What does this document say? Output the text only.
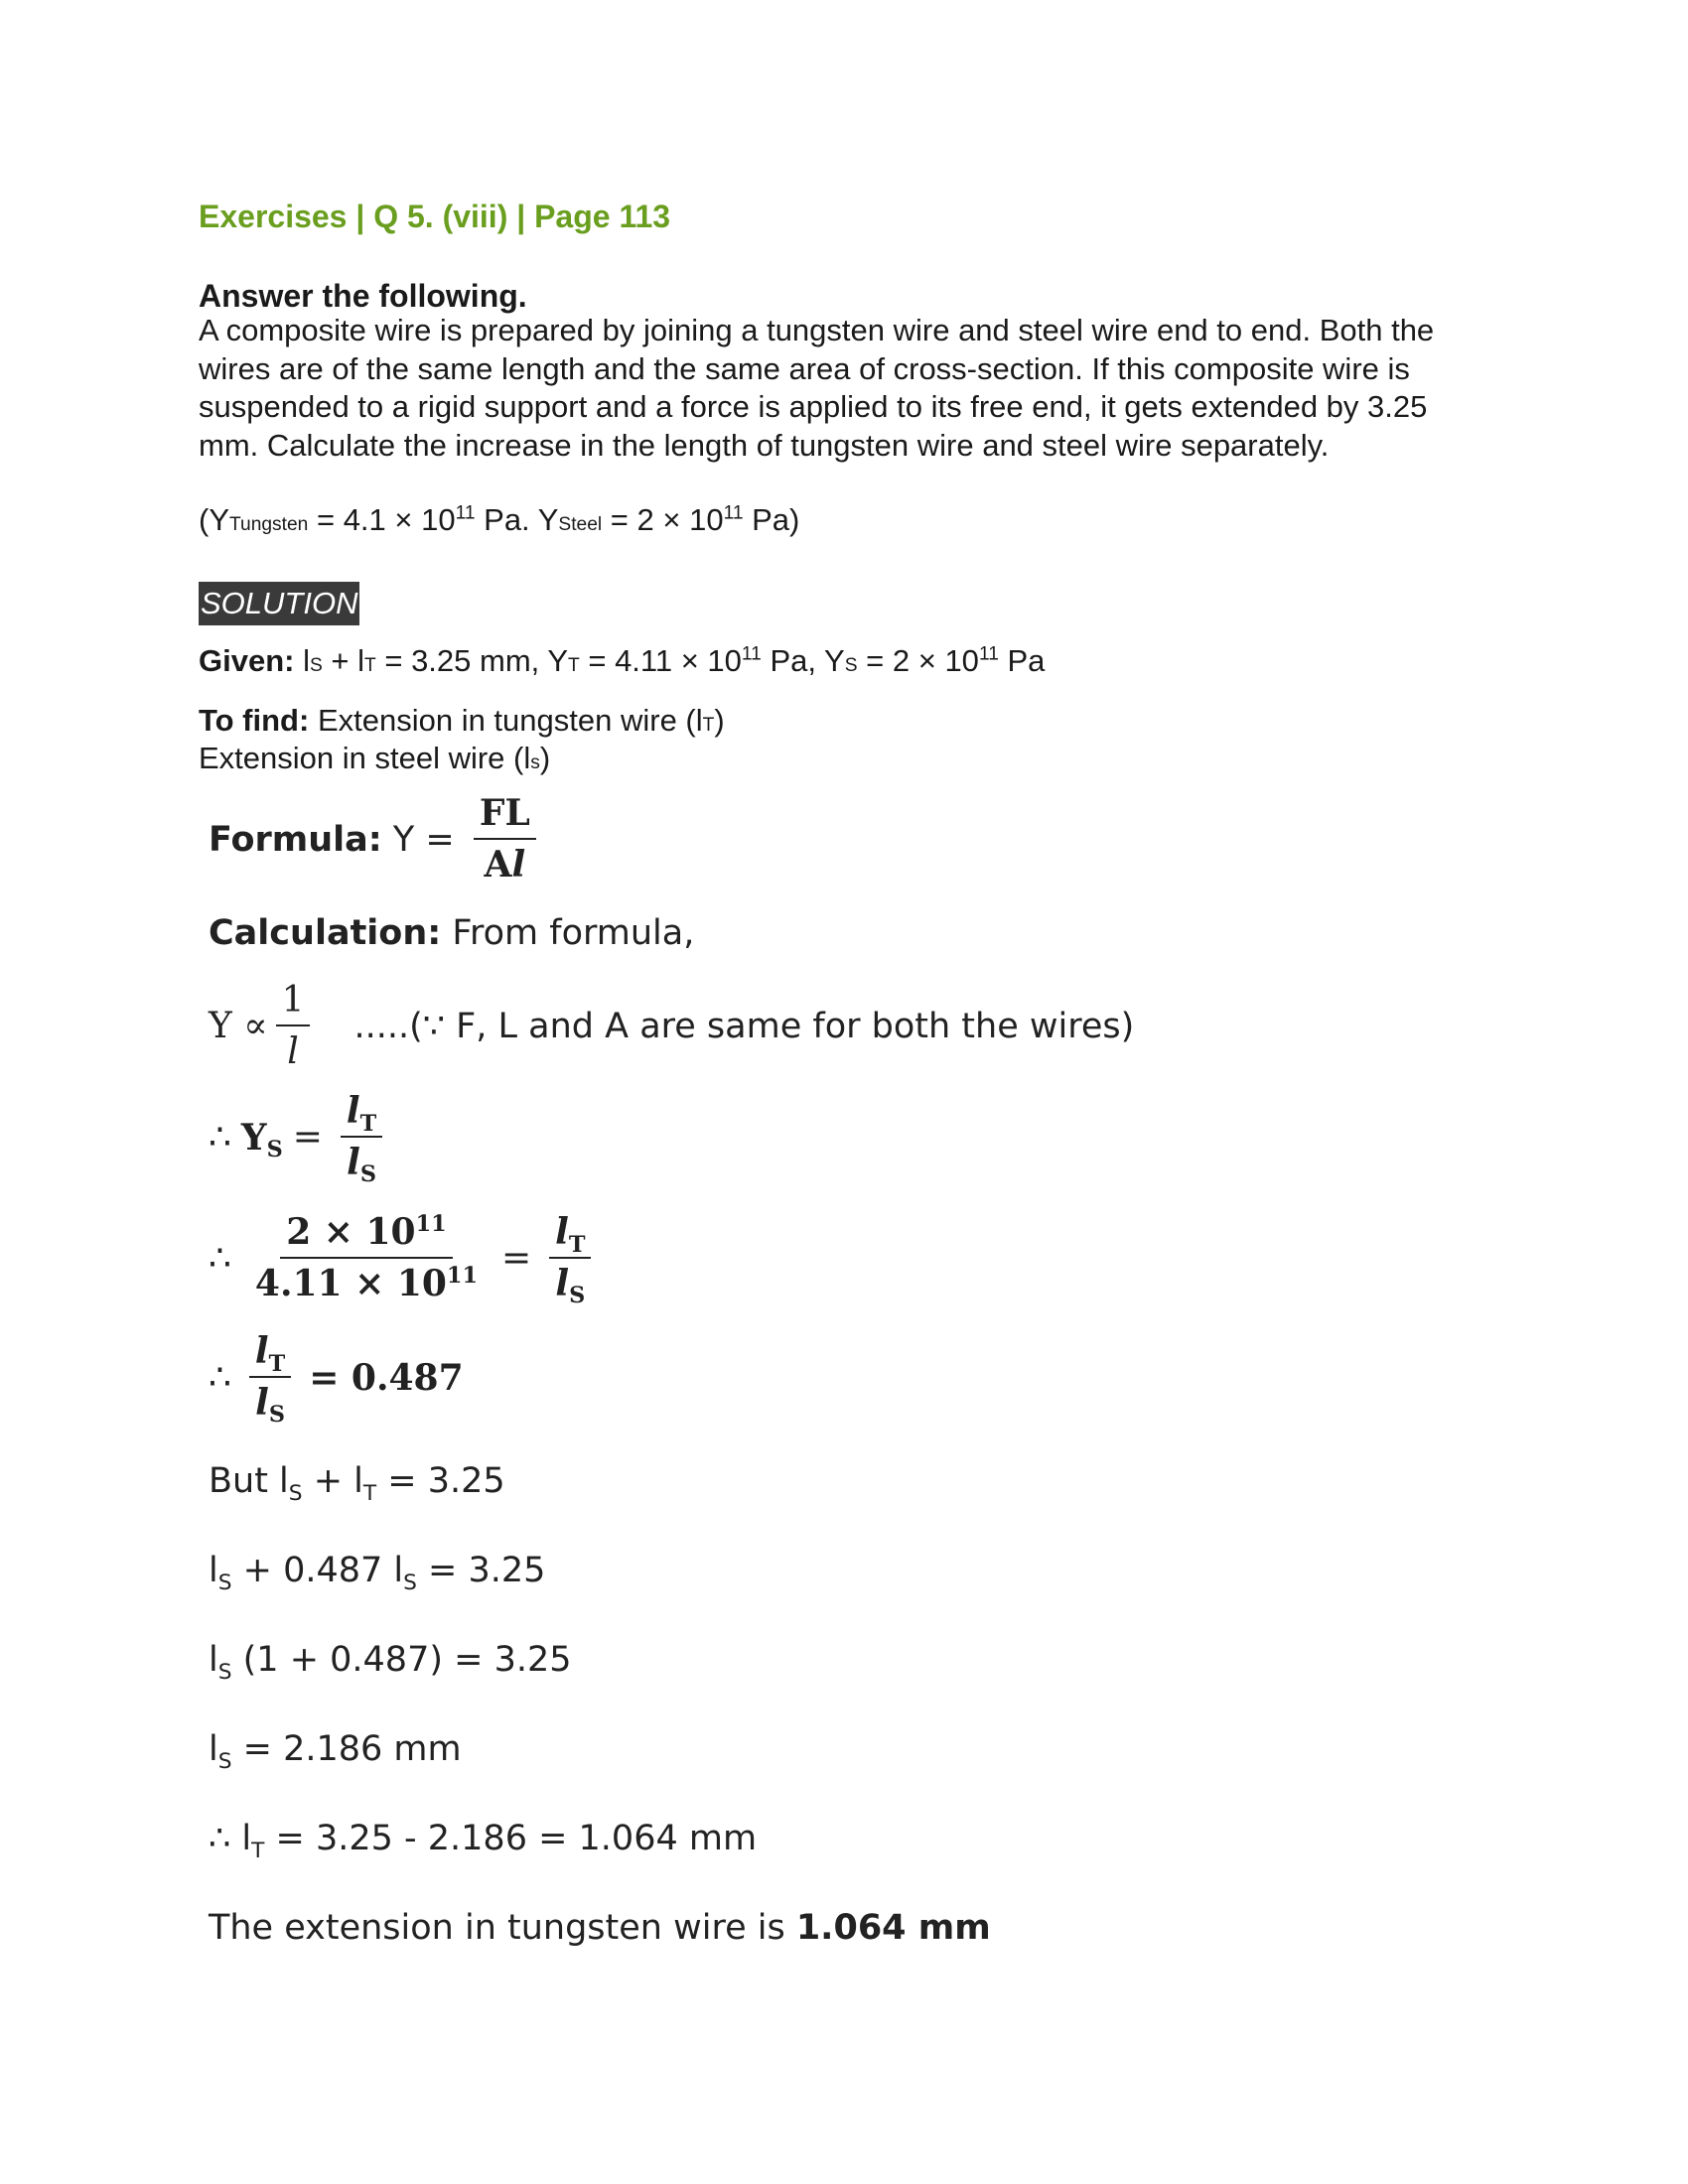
Exercises | Q 5. (viii) | Page 113
Answer the following.
A composite wire is prepared by joining a tungsten wire and steel wire end to end. Both the wires are of the same length and the same area of cross-section. If this composite wire is suspended to a rigid support and a force is applied to its free end, it gets extended by 3.25 mm. Calculate the increase in the length of tungsten wire and steel wire separately.
(YTungsten = $4.1 \times 10^{11}$ Pa. YSteel = $2 \times 10^{11}$ Pa)
SOLUTION
Given: lS + lT = 3.25 mm, YT = $4.11 \times 10^{11}$ Pa, YS = $2 \times 10^{11}$ Pa
To find: Extension in tungsten wire (lT)
Extension in steel wire (ls)
Formula: $Y = \frac{FL}{Al}$
Calculation: From formula,
$Y \propto \frac{1}{l}$ .....(∵ F, L and A are same for both the wires)
∴ $Y_S = \frac{l_T}{l_S}$
∴ $\frac{2 \times 10^{11}}{4.11 \times 10^{11}} = \frac{l_T}{l_S}$
∴ $\frac{l_T}{l_S} = 0.487$
But $l_S + l_T = 3.25$
$l_S + 0.487$ $l_S = 3.25$
$l_S$ (1 + 0.487) = 3.25
$l_S = 2.186$ mm
∴ $l_T = 3.25 - 2.186 = 1.064$ mm
The extension in tungsten wire is 1.064 mm
